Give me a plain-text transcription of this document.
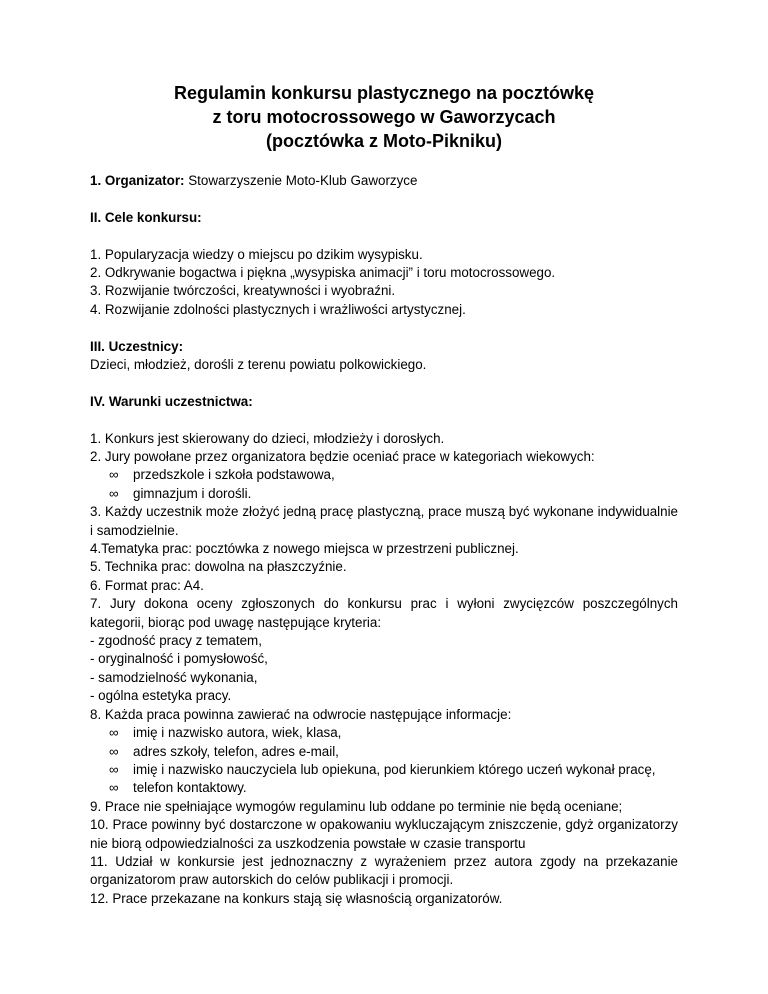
Regulamin konkursu plastycznego na pocztówkę
z toru motocrossowego w Gaworzycach
(pocztówka z Moto-Pikniku)

1. Organizator: Stowarzyszenie Moto-Klub Gaworzyce

II. Cele konkursu:

1. Popularyzacja wiedzy o miejscu po dzikim wysypisku.

2. Odkrywanie bogactwa i piękna „wysypiska animacji” i toru motocrossowego.

3. Rozwijanie twórczości, kreatywności i wyobraźni.

4. Rozwijanie zdolności plastycznych i wrażliwości artystycznej.

III. Uczestnicy:

Dzieci, młodzież, dorośli z terenu powiatu polkowickiego.

IV. Warunki uczestnictwa:

1. Konkurs jest skierowany do dzieci, młodzieży i dorosłych.

2. Jury powołane przez organizatora będzie oceniać prace w kategoriach wiekowych:

∞ przedszkole i szkoła podstawowa,

∞ gimnazjum i dorośli.

3. Każdy uczestnik może złożyć jedną pracę plastyczną, prace muszą być wykonane indywidualnie i samodzielnie.

4.Tematyka prac: pocztówka z nowego miejsca w przestrzeni publicznej.

5. Technika prac: dowolna na płaszczyźnie.

6. Format prac: A4.

7. Jury dokona oceny zgłoszonych do konkursu prac i wyłoni zwycięzców poszczególnych kategorii, biorąc pod uwagę następujące kryteria:

- zgodność pracy z tematem,

- oryginalność i pomysłowość,

- samodzielność wykonania,

- ogólna estetyka pracy.

8. Każda praca powinna zawierać na odwrocie następujące informacje:

∞ imię i nazwisko autora, wiek, klasa,

∞ adres szkoły, telefon, adres e-mail,

∞ imię i nazwisko nauczyciela lub opiekuna, pod kierunkiem którego uczeń wykonał pracę,

∞ telefon kontaktowy.

9. Prace nie spełniające wymogów regulaminu lub oddane po terminie nie będą oceniane;

10. Prace powinny być dostarczone w opakowaniu wykluczającym zniszczenie, gdyż organizatorzy nie biorą odpowiedzialności za uszkodzenia powstałe w czasie transportu

11. Udział w konkursie jest jednoznaczny z wyrażeniem przez autora zgody na przekazanie organizatorom praw autorskich do celów publikacji i promocji.

12. Prace przekazane na konkurs stają się własnością organizatorów.
